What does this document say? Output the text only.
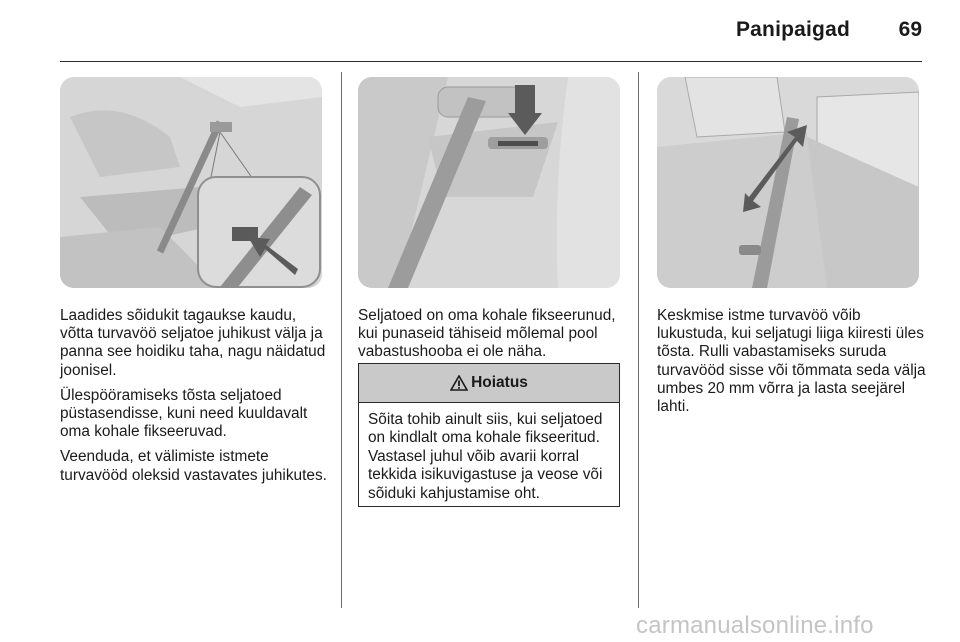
Panipaigad	69

Laadides sõidukit tagaukse kaudu, võtta turvavöö seljatoe juhikust välja ja panna see hoidiku taha, nagu näidatud joonisel.

Ülespööramiseks tõsta seljatoed püstasendisse, kuni need kuuldavalt oma kohale fikseeruvad.

Veenduda, et välimiste istmete turvavööd oleksid vastavates juhikutes.

Seljatoed on oma kohale fikseerunud, kui punaseid tähiseid mõlemal pool vabastushooba ei ole näha.

Hoiatus
Sõita tohib ainult siis, kui seljatoed on kindlalt oma kohale fikseeritud. Vastasel juhul võib avarii korral tekkida isikuvigastuse ja veose või sõiduki kahjustamise oht.

Keskmise istme turvavöö võib lukustuda, kui seljatugi liiga kiiresti üles tõsta. Rulli vabastamiseks suruda turvavööd sisse või tõmmata seda välja umbes 20 mm võrra ja lasta seejärel lahti.

carmanualsonline.info
